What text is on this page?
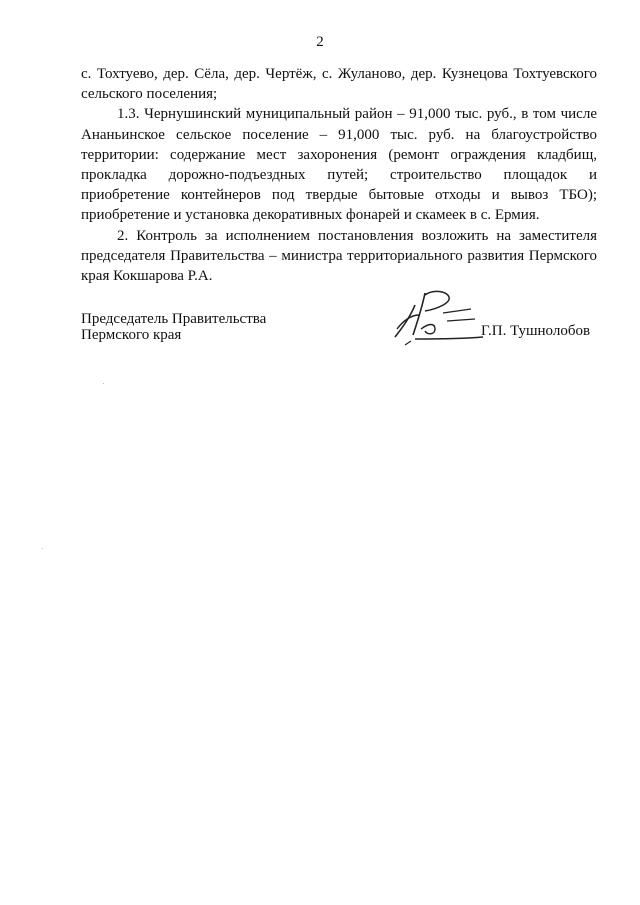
2

с. Тохтуево, дер. Сёла, дер. Чертёж, с. Жуланово, дер. Кузнецова Тохтуевского сельского поселения;

1.3. Чернушинский муниципальный район – 91,000 тыс. руб., в том числе Ананьинское сельское поселение – 91,000 тыс. руб. на благоустройство территории: содержание мест захоронения (ремонт ограждения кладбищ, прокладка дорожно-подъездных путей; строительство площадок и приобретение контейнеров под твердые бытовые отходы и вывоз ТБО); приобретение и установка декоративных фонарей и скамеек в с. Ермия.

2. Контроль за исполнением постановления возложить на заместителя председателя Правительства – министра территориального развития Пермского края Кокшарова Р.А.

Председатель Правительства
Пермского края	Г.П. Тушнолобов
